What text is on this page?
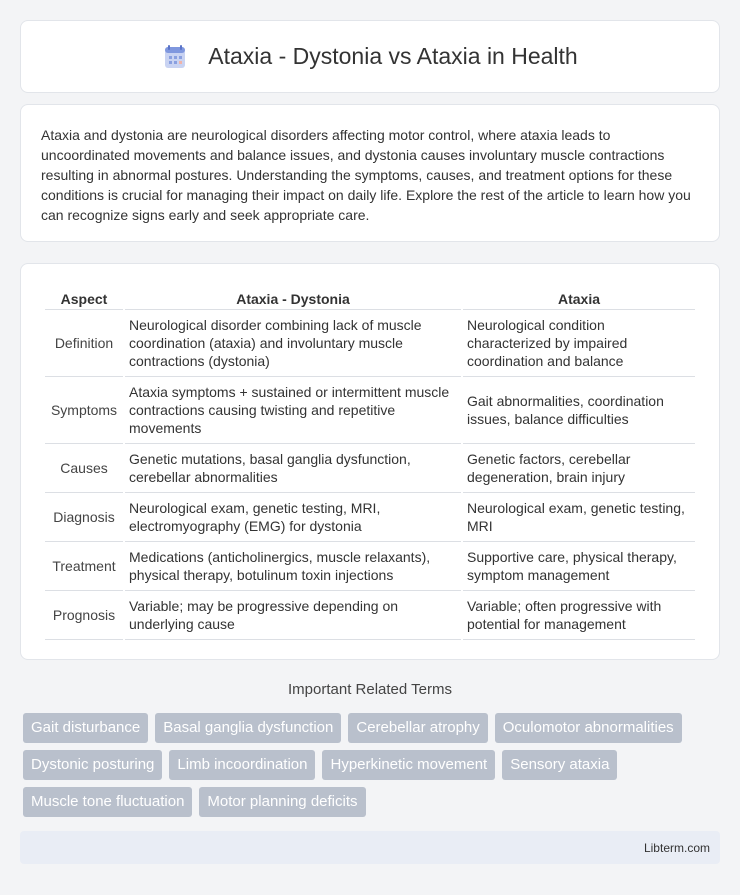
Ataxia - Dystonia vs Ataxia in Health

Ataxia and dystonia are neurological disorders affecting motor control, where ataxia leads to uncoordinated movements and balance issues, and dystonia causes involuntary muscle contractions resulting in abnormal postures. Understanding the symptoms, causes, and treatment options for these conditions is crucial for managing their impact on daily life. Explore the rest of the article to learn how you can recognize signs early and seek appropriate care.

Aspect	Ataxia - Dystonia	Ataxia
Definition	Neurological disorder combining lack of muscle coordination (ataxia) and involuntary muscle contractions (dystonia)	Neurological condition characterized by impaired coordination and balance
Symptoms	Ataxia symptoms + sustained or intermittent muscle contractions causing twisting and repetitive movements	Gait abnormalities, coordination issues, balance difficulties
Causes	Genetic mutations, basal ganglia dysfunction, cerebellar abnormalities	Genetic factors, cerebellar degeneration, brain injury
Diagnosis	Neurological exam, genetic testing, MRI, electromyography (EMG) for dystonia	Neurological exam, genetic testing, MRI
Treatment	Medications (anticholinergics, muscle relaxants), physical therapy, botulinum toxin injections	Supportive care, physical therapy, symptom management
Prognosis	Variable; may be progressive depending on underlying cause	Variable; often progressive with potential for management
Important Related Terms
Gait disturbance	Basal ganglia dysfunction	Cerebellar atrophy	Oculomotor abnormalities
Dystonic posturing	Limb incoordination	Hyperkinetic movement	Sensory ataxia
Muscle tone fluctuation	Motor planning deficits
Libterm.com
